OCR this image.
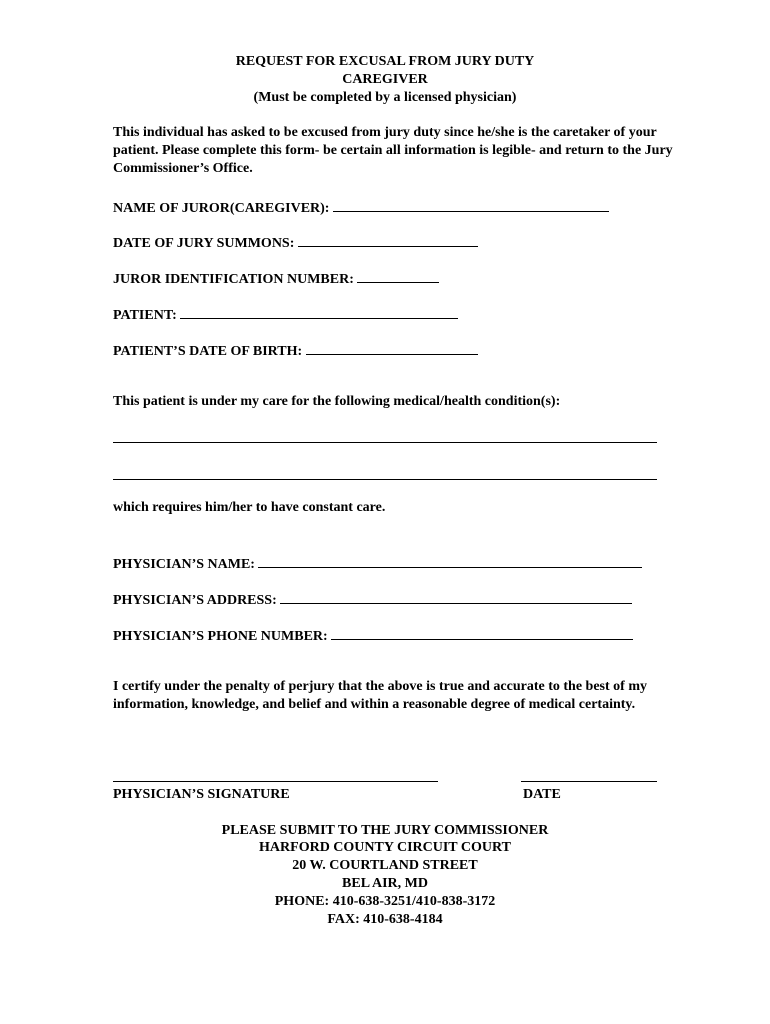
REQUEST FOR EXCUSAL FROM JURY DUTY
CAREGIVER
(Must be completed by a licensed physician)
This individual has asked to be excused from jury duty since he/she is the caretaker of your patient. Please complete this form- be certain all information is legible- and return to the Jury Commissioner’s Office.
NAME OF JUROR(CAREGIVER):
DATE OF JURY SUMMONS:
JUROR IDENTIFICATION NUMBER:
PATIENT:
PATIENT’S DATE OF BIRTH:
This patient is under my care for the following medical/health condition(s):
which requires him/her to have constant care.
PHYSICIAN’S NAME:
PHYSICIAN’S ADDRESS:
PHYSICIAN’S PHONE NUMBER:
I certify under the penalty of perjury that the above is true and accurate to the best of my information, knowledge, and belief and within a reasonable degree of medical certainty.
PHYSICIAN’S SIGNATURE	DATE
PLEASE SUBMIT TO THE JURY COMMISSIONER
HARFORD COUNTY CIRCUIT COURT
20 W. COURTLAND STREET
BEL AIR, MD
PHONE: 410-638-3251/410-838-3172
FAX: 410-638-4184
